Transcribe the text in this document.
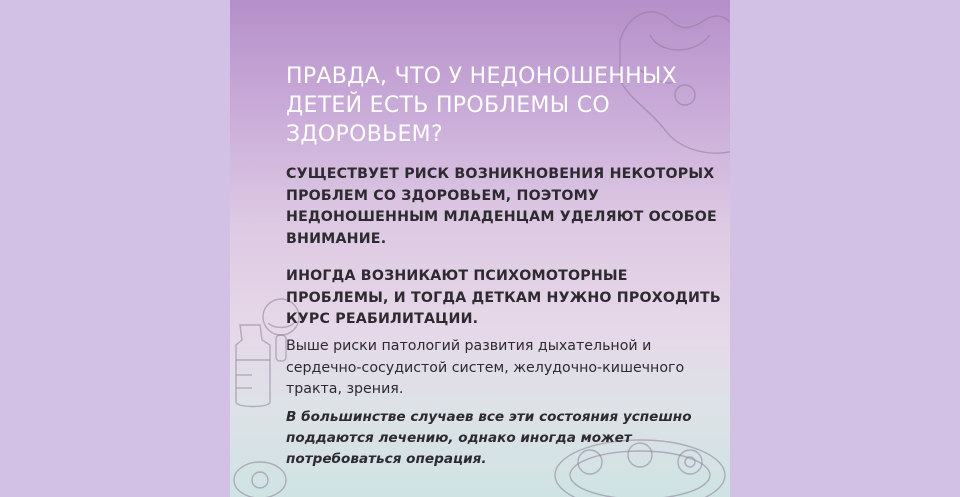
ПРАВДА, ЧТО У НЕДОНОШЕННЫХ ДЕТЕЙ ЕСТЬ ПРОБЛЕМЫ СО ЗДОРОВЬЕМ?

СУЩЕСТВУЕТ РИСК ВОЗНИКНОВЕНИЯ НЕКОТОРЫХ ПРОБЛЕМ СО ЗДОРОВЬЕМ, ПОЭТОМУ НЕДОНОШЕННЫМ МЛАДЕНЦАМ УДЕЛЯЮТ ОСОБОЕ ВНИМАНИЕ.

ИНОГДА ВОЗНИКАЮТ ПСИХОМОТОРНЫЕ ПРОБЛЕМЫ, И ТОГДА ДЕТКАМ НУЖНО ПРОХОДИТЬ КУРС РЕАБИЛИТАЦИИ.

Выше риски патологий развития дыхательной и сердечно-сосудистой систем, желудочно-кишечного тракта, зрения.

В большинстве случаев все эти состояния успешно поддаются лечению, однако иногда может потребоваться операция.
